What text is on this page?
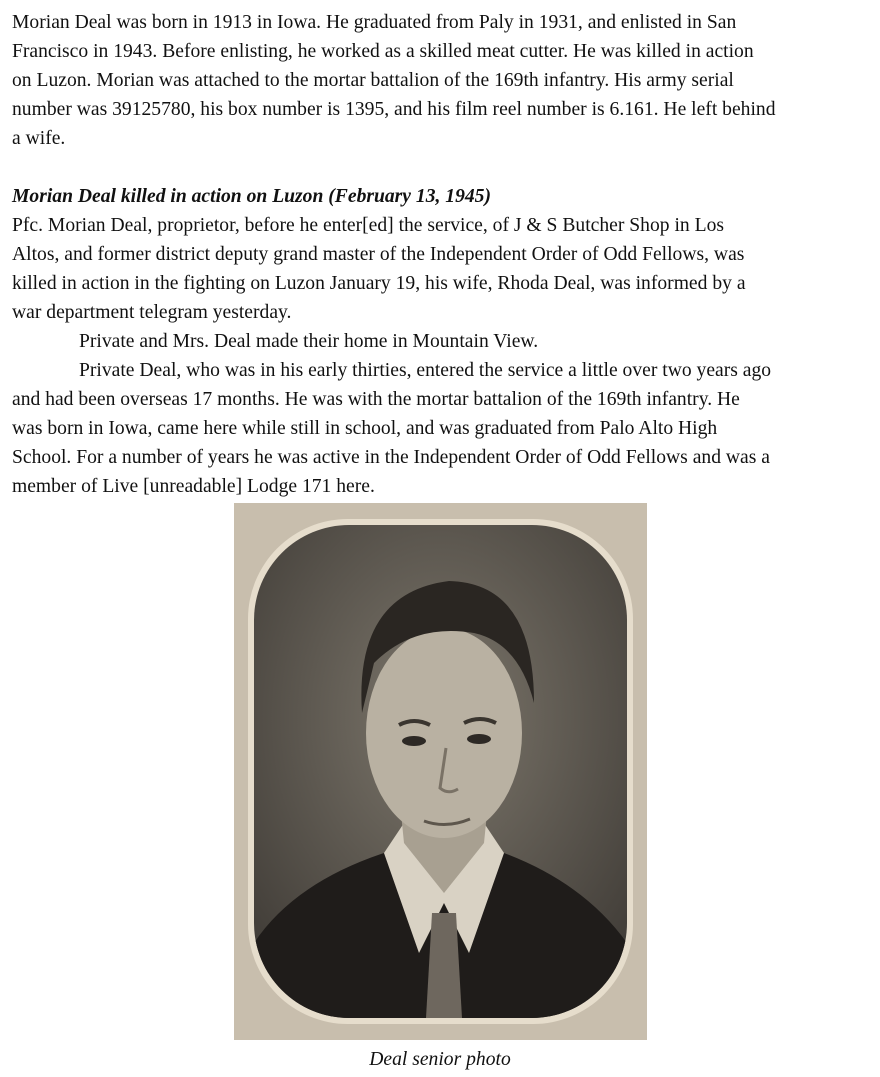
Morian Deal was born in 1913 in Iowa. He graduated from Paly in 1931, and enlisted in San
Francisco in 1943. Before enlisting, he worked as a skilled meat cutter. He was killed in action
on Luzon. Morian was attached to the mortar battalion of the 169th infantry. His army serial
number was 39125780, his box number is 1395, and his film reel number is 6.161. He left behind
a wife.
Morian Deal killed in action on Luzon (February 13, 1945)
Pfc. Morian Deal, proprietor, before he enter[ed] the service, of J & S Butcher Shop in Los
Altos, and former district deputy grand master of the Independent Order of Odd Fellows, was
killed in action in the fighting on Luzon January 19, his wife, Rhoda Deal, was informed by a
war department telegram yesterday.
Private and Mrs. Deal made their home in Mountain View.
Private Deal, who was in his early thirties, entered the service a little over two years ago
and had been overseas 17 months. He was with the mortar battalion of the 169th infantry. He
was born in Iowa, came here while still in school, and was graduated from Palo Alto High
School. For a number of years he was active in the Independent Order of Odd Fellows and was a
member of Live [unreadable] Lodge 171 here.
Deal senior photo
